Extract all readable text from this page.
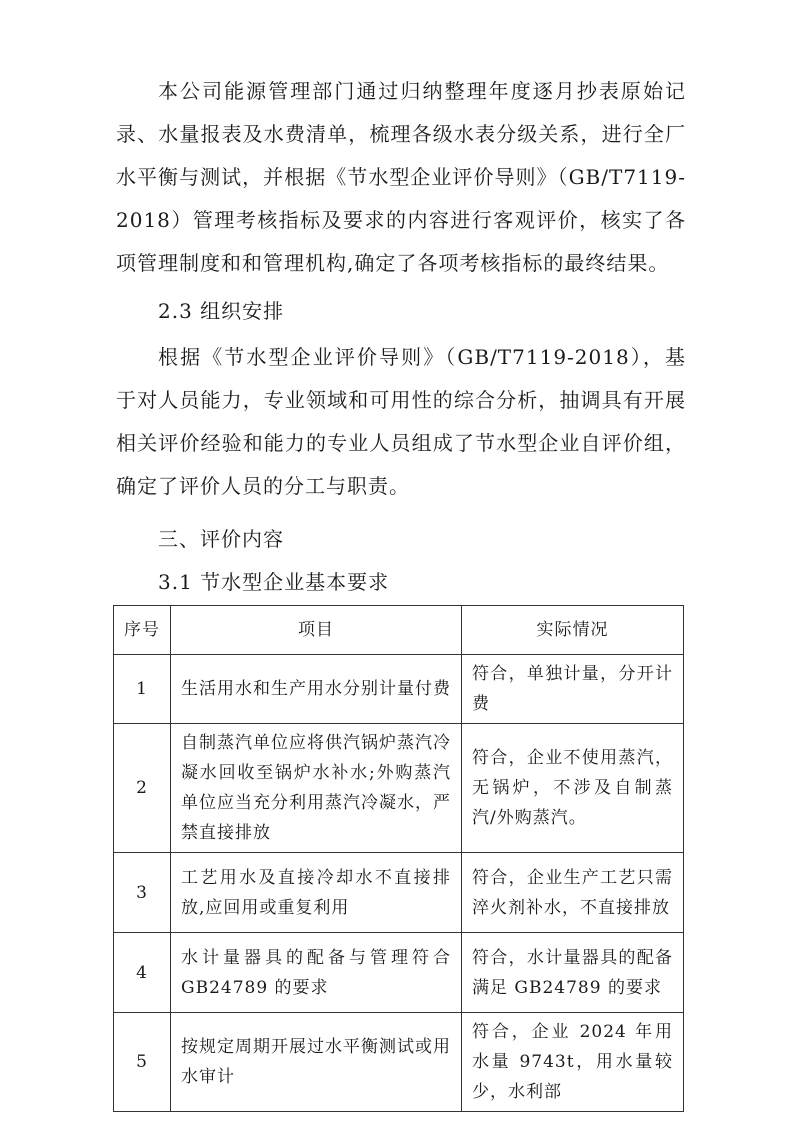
本公司能源管理部门通过归纳整理年度逐月抄表原始记录、水量报表及水费清单，梳理各级水表分级关系，进行全厂水平衡与测试，并根据《节水型企业评价导则》（GB/T7119-2018）管理考核指标及要求的内容进行客观评价，核实了各项管理制度和和管理机构,确定了各项考核指标的最终结果。

2.3 组织安排

根据《节水型企业评价导则》（GB/T7119-2018），基于对人员能力，专业领域和可用性的综合分析，抽调具有开展相关评价经验和能力的专业人员组成了节水型企业自评价组，确定了评价人员的分工与职责。

三、评价内容

3.1 节水型企业基本要求

序号	项目	实际情况
1	生活用水和生产用水分别计量付费	符合，单独计量，分开计费
2	自制蒸汽单位应将供汽锅炉蒸汽冷凝水回收至锅炉水补水;外购蒸汽单位应当充分利用蒸汽冷凝水，严禁直接排放	符合，企业不使用蒸汽，无锅炉，不涉及自制蒸汽/外购蒸汽。
3	工艺用水及直接冷却水不直接排放,应回用或重复利用	符合，企业生产工艺只需淬火剂补水，不直接排放
4	水计量器具的配备与管理符合 GB24789 的要求	符合，水计量器具的配备满足 GB24789 的要求
5	按规定周期开展过水平衡测试或用水审计	符合，企业 2024 年用水量 9743t，用水量较少，水利部
